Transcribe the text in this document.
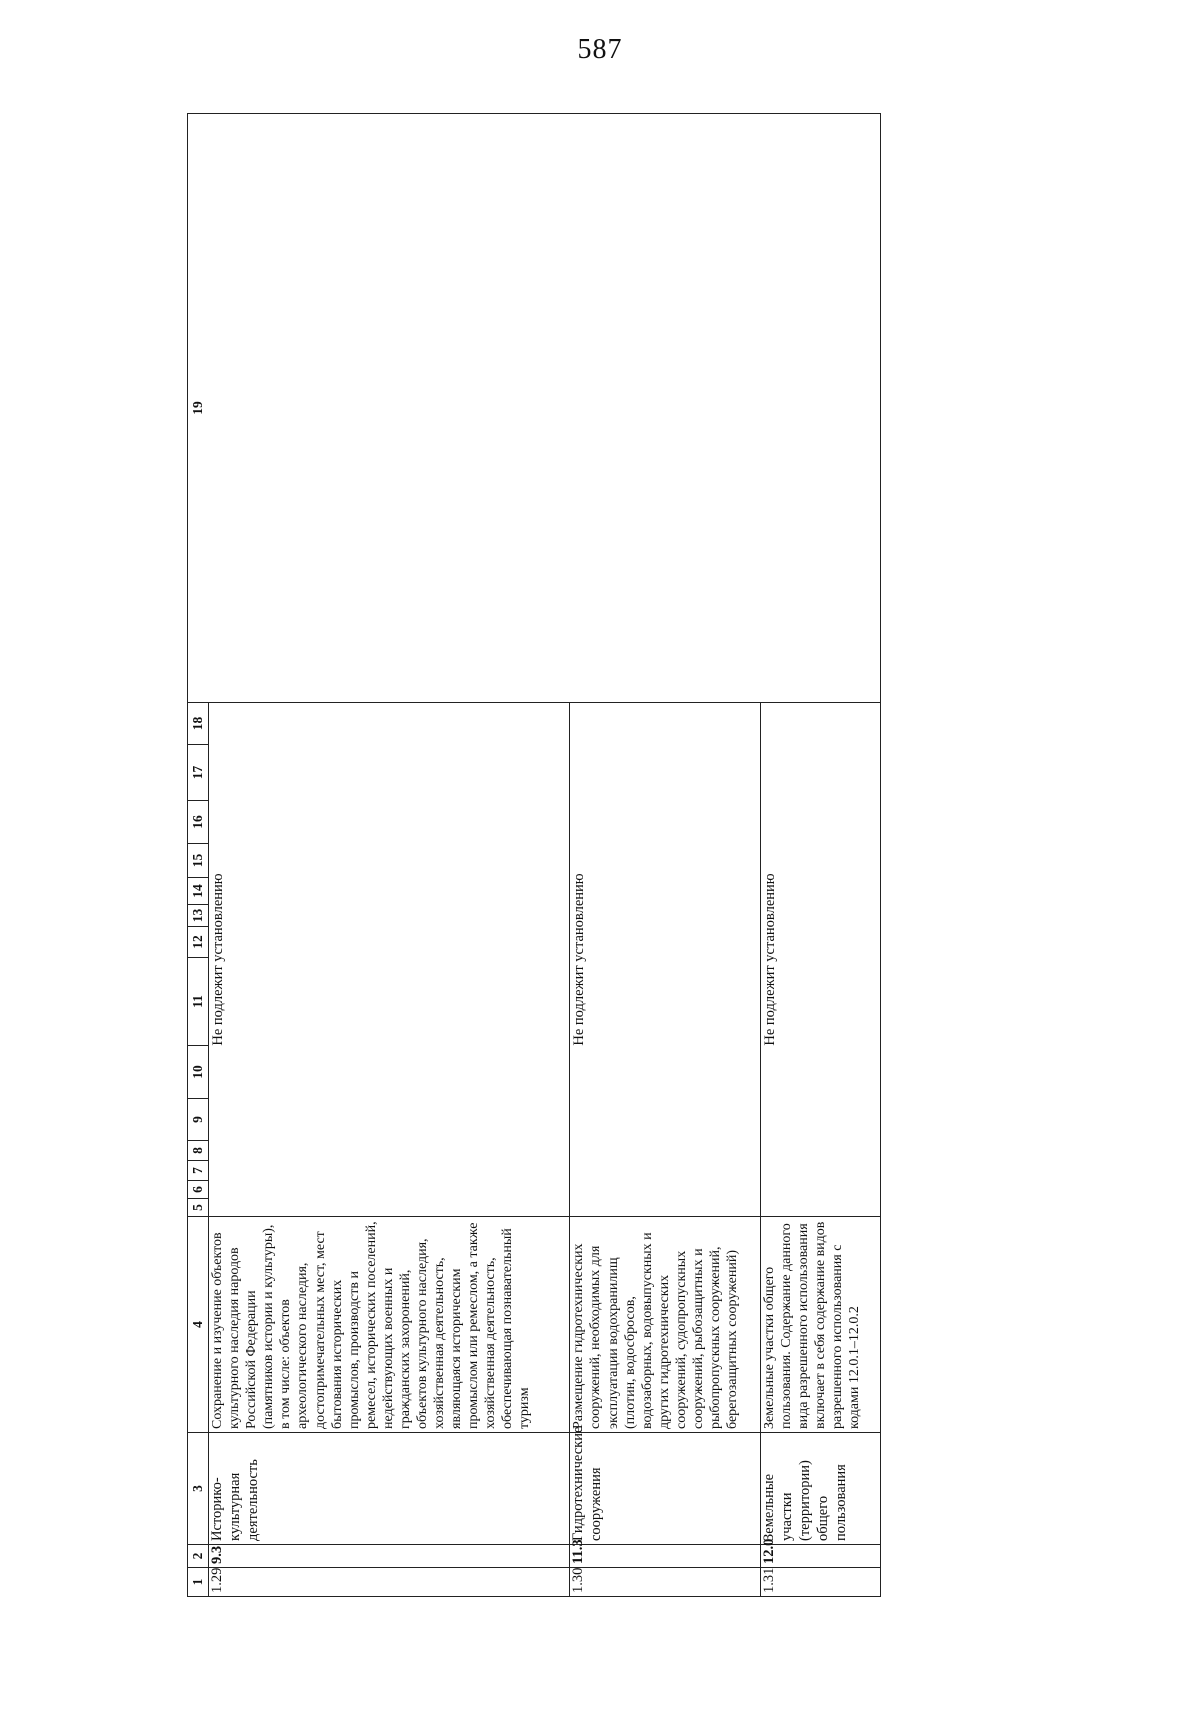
587
1	2	3	4	5	6	7	8	9	10	11	12	13	14	15	16	17	18	19
1.29	9.3	Историко-культурная деятельность	Сохранение и изучение объектов культурного наследия народов Российской Федерации (памятников истории и культуры), в том числе: объектов археологического наследия, достопримечательных мест, мест бытования исторических промыслов, производств и ремесел, исторических поселений, недействующих военных и гражданских захоронений, объектов культурного наследия, хозяйственная деятельность, являющаяся историческим промыслом или ремеслом, а также хозяйственная деятельность, обеспечивающая познавательный туризм	Не подлежит установлению														

1.30	11.3	Гидротехнические сооружения	Размещение гидротехнических сооружений, необходимых для эксплуатации водохранилищ (плотин, водосбросов, водозаборных, водовыпускных и других гидротехнических сооружений, судопропускных сооружений, рыбозащитных и рыбопропускных сооружений, берегозащитных сооружений)	Не подлежит установлению														

1.31	12.0	Земельные участки (территории) общего пользования	Земельные участки общего пользования. Содержание данного вида разрешенного использования включает в себя содержание видов разрешенного использования с кодами 12.0.1–12.0.2	Не подлежит установлению														
